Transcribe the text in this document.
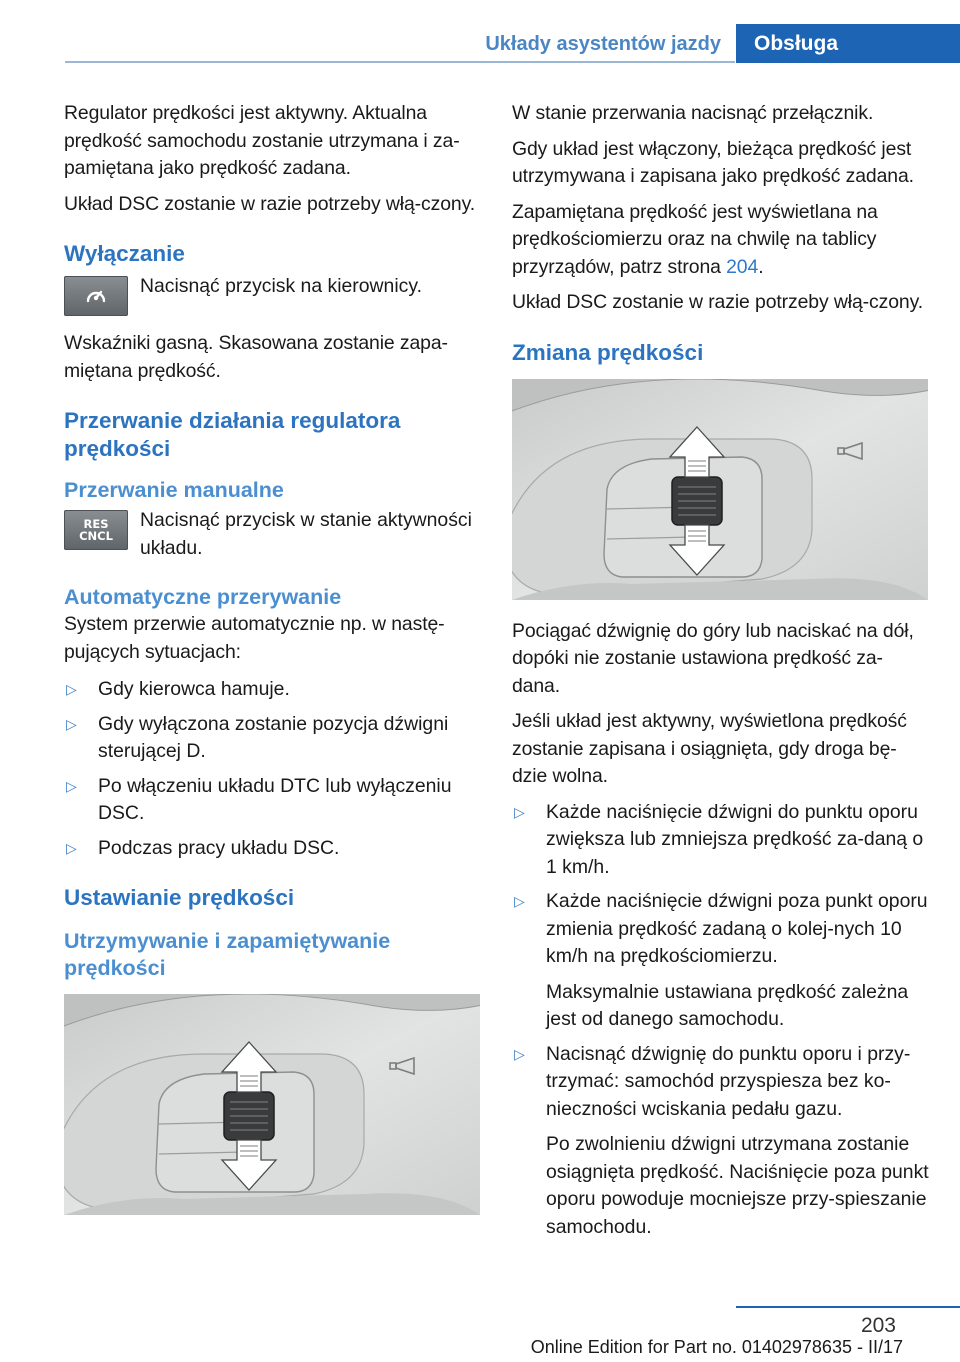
Układy asystentów jazdy	Obsługa

Regulator prędkości jest aktywny. Aktualna prędkość samochodu zostanie utrzymana i za‐pamiętana jako prędkość zadana.

Układ DSC zostanie w razie potrzeby włą‐czony.

Wyłączanie
Nacisnąć przycisk na kierownicy.

Wskaźniki gasną. Skasowana zostanie zapa‐miętana prędkość.

Przerwanie działania regulatora prędkości
Przerwanie manualne
RES
CNCL
Nacisnąć przycisk w stanie aktywności układu.
Automatyczne przerywanie

System przerwie automatycznie np. w nastę‐pujących sytuacjach:

▷ Gdy kierowca hamuje.
▷ Gdy wyłączona zostanie pozycja dźwigni sterującej D.
▷ Po włączeniu układu DTC lub wyłączeniu DSC.
▷ Podczas pracy układu DSC.
Ustawianie prędkości
Utrzymywanie i zapamiętywanie prędkości

W stanie przerwania nacisnąć przełącznik.

Gdy układ jest włączony, bieżąca prędkość jest utrzymywana i zapisana jako prędkość zadana.

Zapamiętana prędkość jest wyświetlana na prędkościomierzu oraz na chwilę na tablicy przyrządów, patrz strona 204.

Układ DSC zostanie w razie potrzeby włą‐czony.

Zmiana prędkości

Pociągać dźwignię do góry lub naciskać na dół, dopóki nie zostanie ustawiona prędkość za‐dana.

Jeśli układ jest aktywny, wyświetlona prędkość zostanie zapisana i osiągnięta, gdy droga bę‐dzie wolna.

▷ Każde naciśnięcie dźwigni do punktu oporu zwiększa lub zmniejsza prędkość za‐daną o 1 km/h.
▷ Każde naciśnięcie dźwigni poza punkt oporu zmienia prędkość zadaną o kolej‐nych 10 km/h na prędkościomierzu.
Maksymalnie ustawiana prędkość zależna jest od danego samochodu.
▷ Nacisnąć dźwignię do punktu oporu i przy‐trzymać: samochód przyspiesza bez ko‐nieczności wciskania pedału gazu.
Po zwolnieniu dźwigni utrzymana zostanie osiągnięta prędkość. Naciśnięcie poza punkt oporu powoduje mocniejsze przy‐spieszanie samochodu.
203
Online Edition for Part no. 01402978635 - II/17
